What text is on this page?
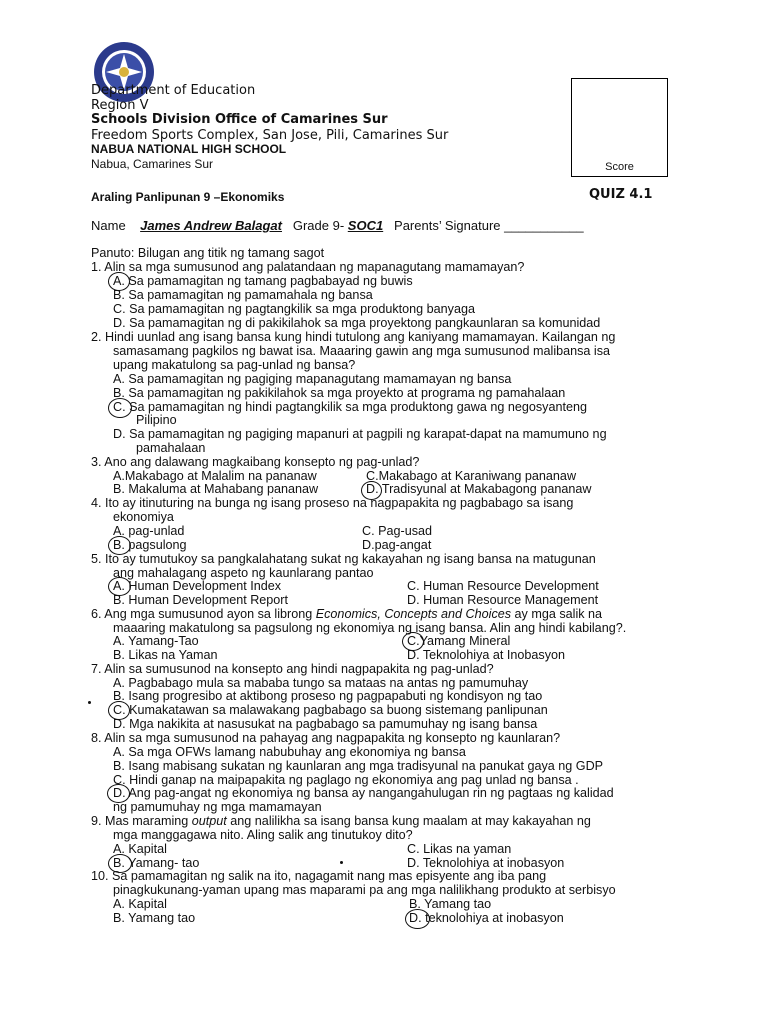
Department of Education
Region V
Schools Division Office of Camarines Sur
Freedom Sports Complex, San Jose, Pili, Camarines Sur
NABUA NATIONAL HIGH SCHOOL
Nabua, Camarines Sur	Score
Araling Panlipunan 9 –Ekonomiks	QUIZ 4.1
Name James Andrew Balagat Grade 9- SOC1 Parents’ Signature ___________
Panuto: Bilugan ang titik ng tamang sagot
1. Alin sa mga sumusunod ang palatandaan ng mapanagutang mamamayan?
A. Sa pamamagitan ng tamang pagbabayad ng buwis
B. Sa pamamagitan ng pamamahala ng bansa
C. Sa pamamagitan ng pagtangkilik sa mga produktong banyaga
D. Sa pamamagitan ng di pakikilahok sa mga proyektong pangkaunlaran sa komunidad
2. Hindi uunlad ang isang bansa kung hindi tutulong ang kaniyang mamamayan. Kailangan ng
samasamang pagkilos ng bawat isa. Maaaring gawin ang mga sumusunod malibansa isa
upang makatulong sa pag-unlad ng bansa?
A. Sa pamamagitan ng pagiging mapanagutang mamamayan ng bansa
B. Sa pamamagitan ng pakikilahok sa mga proyekto at programa ng pamahalaan
C. Sa pamamagitan ng hindi pagtangkilik sa mga produktong gawa ng negosyanteng
Pilipino
D. Sa pamamagitan ng pagiging mapanuri at pagpili ng karapat-dapat na mamumuno ng
pamahalaan
3. Ano ang dalawang magkaibang konsepto ng pag-unlad?
A.Makabago at Malalim na pananaw	C.Makabago at Karaniwang pananaw
B. Makaluma at Mahabang pananaw	D. Tradisyunal at Makabagong pananaw
4. Ito ay itinuturing na bunga ng isang proseso na nagpapakita ng pagbabago sa isang
ekonomiya
A. pag-unlad	C. Pag-usad
B. pagsulong	D.pag-angat
5. Ito ay tumutukoy sa pangkalahatang sukat ng kakayahan ng isang bansa na matugunan
ang mahalagang aspeto ng kaunlarang pantao
A. Human Development Index	C. Human Resource Development
B. Human Development Report	D. Human Resource Management
6. Ang mga sumusunod ayon sa librong Economics, Concepts and Choices ay mga salik na
maaaring makatulong sa pagsulong ng ekonomiya ng isang bansa. Alin ang hindi kabilang?.
A. Yamang-Tao	C.Yamang Mineral
B. Likas na Yaman	D. Teknolohiya at Inobasyon
7. Alin sa sumusunod na konsepto ang hindi nagpapakita ng pag-unlad?
A. Pagbabago mula sa mababa tungo sa mataas na antas ng pamumuhay
B. Isang progresibo at aktibong proseso ng pagpapabuti ng kondisyon ng tao
C. Kumakatawan sa malawakang pagbabago sa buong sistemang panlipunan
D. Mga nakikita at nasusukat na pagbabago sa pamumuhay ng isang bansa
8. Alin sa mga sumusunod na pahayag ang nagpapakita ng konsepto ng kaunlaran?
A. Sa mga OFWs lamang nabubuhay ang ekonomiya ng bansa
B. Isang mabisang sukatan ng kaunlaran ang mga tradisyunal na panukat gaya ng GDP
C. Hindi ganap na maipapakita ng paglago ng ekonomiya ang pag unlad ng bansa .
D. Ang pag-angat ng ekonomiya ng bansa ay nangangahulugan rin ng pagtaas ng kalidad
ng pamumuhay ng mga mamamayan
9. Mas maraming output ang nalilikha sa isang bansa kung maalam at may kakayahan ng
mga manggagawa nito. Aling salik ang tinutukoy dito?
A. Kapital	C. Likas na yaman
B. Yamang- tao	D. Teknolohiya at inobasyon
10. Sa pamamagitan ng salik na ito, nagagamit nang mas episyente ang iba pang
pinagkukunang-yaman upang mas maparami pa ang mga nalilikhang produkto at serbisyo
A. Kapital	B. Yamang tao
B. Yamang tao	D. teknolohiya at inobasyon
